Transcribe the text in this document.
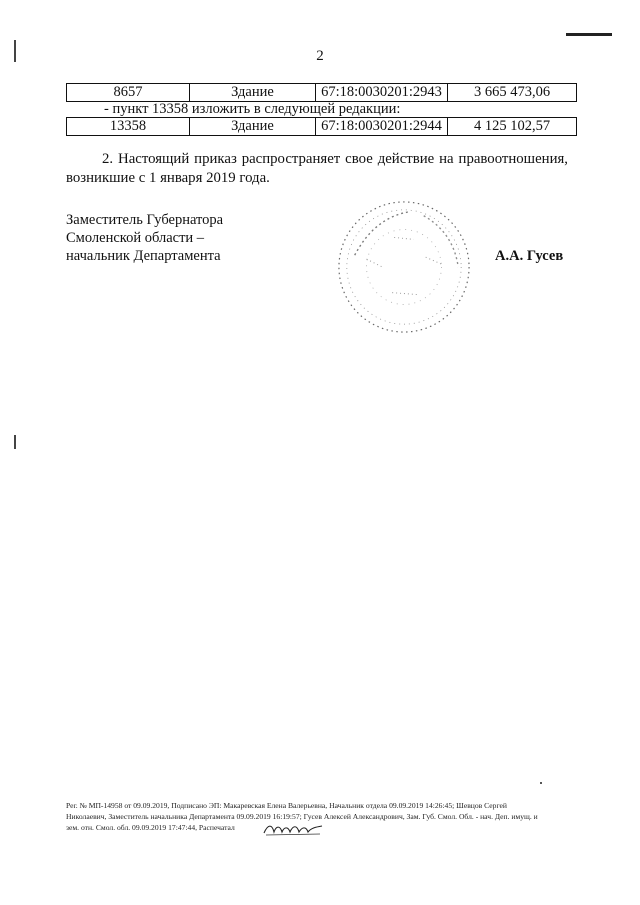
2
8657	Здание	67:18:0030201:2943	3 665 473,06
- пункт 13358 изложить в следующей редакции:
13358	Здание	67:18:0030201:2944	4 125 102,57
2. Настоящий приказ распространяет свое действие на правоотношения,
возникшие с 1 января 2019 года.
Заместитель Губернатора
Смоленской области –
начальник Департамента	А.А. Гусев
Рег. № МП-14958 от 09.09.2019, Подписано ЭП: Макаревская Елена Валерьевна, Начальник отдела 09.09.2019 14:26:45; Шевцов Сергей
Николаевич, Заместитель начальника Департамента 09.09.2019 16:19:57; Гусев Алексей Александрович, Зам. Губ. Смол. Обл. - нач. Деп. имущ. и
зем. отн. Смол. обл. 09.09.2019 17:47:44, Распечатал
